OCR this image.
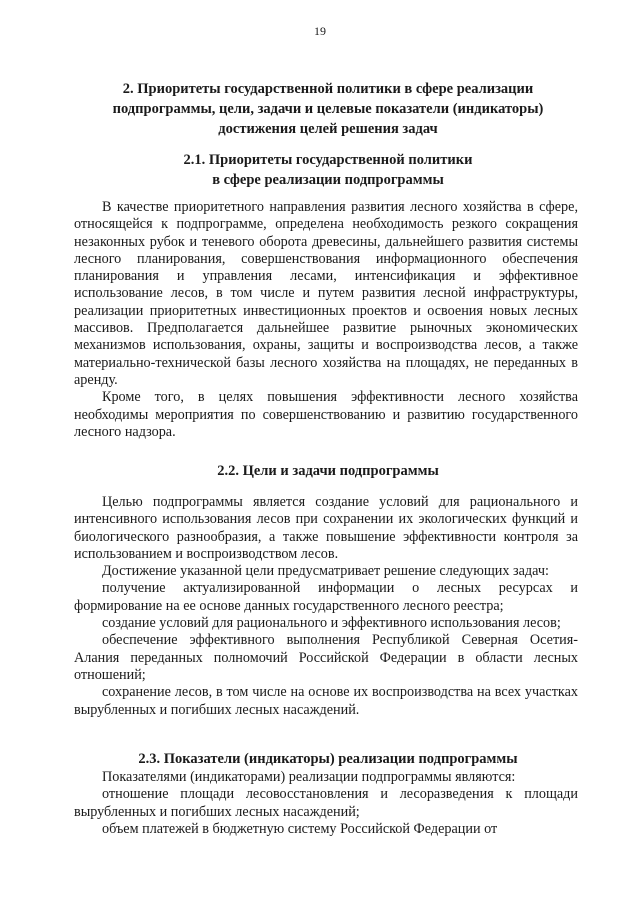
19
2. Приоритеты государственной политики в сфере реализации подпрограммы, цели, задачи и целевые показатели (индикаторы) достижения целей решения задач
2.1. Приоритеты государственной политики
в сфере реализации подпрограммы

В качестве приоритетного направления развития лесного хозяйства в сфере, относящейся к подпрограмме, определена необходимость резкого сокращения незаконных рубок и теневого оборота древесины, дальнейшего развития системы лесного планирования, совершенствования информационного обеспечения планирования и управления лесами, интенсификация и эффективное использование лесов, в том числе и путем развития лесной инфраструктуры, реализации приоритетных инвестиционных проектов и освоения новых лесных массивов. Предполагается дальнейшее развитие рыночных экономических механизмов использования, охраны, защиты и воспроизводства лесов, а также материально-технической базы лесного хозяйства на площадях, не переданных в аренду.

Кроме того, в целях повышения эффективности лесного хозяйства необходимы мероприятия по совершенствованию и развитию государственного лесного надзора.

2.2. Цели и задачи подпрограммы

Целью подпрограммы является создание условий для рационального и интенсивного использования лесов при сохранении их экологических функций и биологического разнообразия, а также повышение эффективности контроля за использованием и воспроизводством лесов.

Достижение указанной цели предусматривает решение следующих задач:

получение актуализированной информации о лесных ресурсах и формирование на ее основе данных государственного лесного реестра;

создание условий для рационального и эффективного использования лесов;

обеспечение эффективного выполнения Республикой Северная Осетия-Алания переданных полномочий Российской Федерации в области лесных отношений;

сохранение лесов, в том числе на основе их воспроизводства на всех участках вырубленных и погибших лесных насаждений.

2.3. Показатели (индикаторы) реализации подпрограммы

Показателями (индикаторами) реализации подпрограммы являются:

отношение площади лесовосстановления и лесоразведения к площади вырубленных и погибших лесных насаждений;

объем платежей в бюджетную систему Российской Федерации от
